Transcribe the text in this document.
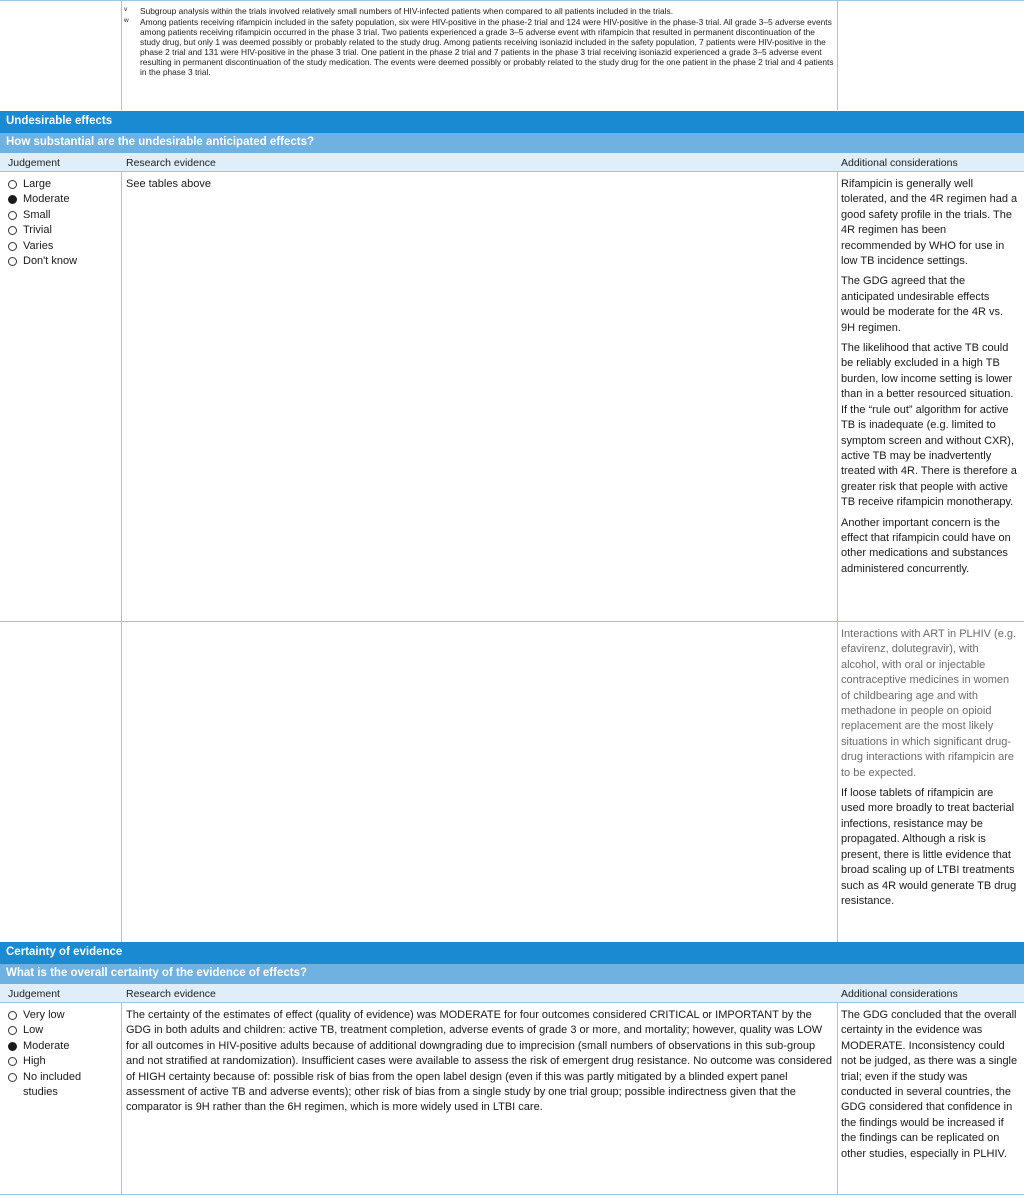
v Subgroup analysis within the trials involved relatively small numbers of HIV-infected patients when compared to all patients included in the trials.
w Among patients receiving rifampicin included in the safety population, six were HIV-positive in the phase-2 trial and 124 were HIV-positive in the phase-3 trial. All grade 3–5 adverse events among patients receiving rifampicin occurred in the phase 3 trial. Two patients experienced a grade 3–5 adverse event with rifampicin that resulted in permanent discontinuation of the study drug, but only 1 was deemed possibly or probably related to the study drug. Among patients receiving isoniazid included in the safety population, 7 patients were HIV-positive in the phase 2 trial and 131 were HIV-positive in the phase 3 trial. One patient in the phase 2 trial and 7 patients in the phase 3 trial receiving isoniazid experienced a grade 3–5 adverse event resulting in permanent discontinuation of the study medication. The events were deemed possibly or probably related to the study drug for the one patient in the phase 2 trial and 4 patients in the phase 3 trial.
Undesirable effects
How substantial are the undesirable anticipated effects?
Judgement	Research evidence	Additional considerations
Large
Moderate
Small
Trivial
Varies
Don't know
See tables above	Rifampicin is generally well tolerated, and the 4R regimen had a good safety profile in the trials. The 4R regimen has been recommended by WHO for use in low TB incidence settings.

The GDG agreed that the anticipated undesirable effects would be moderate for the 4R vs. 9H regimen.

The likelihood that active TB could be reliably excluded in a high TB burden, low income setting is lower than in a better resourced situation. If the “rule out” algorithm for active TB is inadequate (e.g. limited to symptom screen and without CXR), active TB may be inadvertently treated with 4R. There is therefore a greater risk that people with active TB receive rifampicin monotherapy.

Another important concern is the effect that rifampicin could have on other medications and substances administered concurrently.

Interactions with ART in PLHIV (e.g. efavirenz, dolutegravir), with alcohol, with oral or injectable contraceptive medicines in women of childbearing age and with methadone in people on opioid replacement are the most likely situations in which significant drug-drug interactions with rifampicin are to be expected.

If loose tablets of rifampicin are used more broadly to treat bacterial infections, resistance may be propagated. Although a risk is present, there is little evidence that broad scaling up of LTBI treatments such as 4R would generate TB drug resistance.

Certainty of evidence
What is the overall certainty of the evidence of effects?
Judgement	Research evidence	Additional considerations
Very low
Low
Moderate
High
No included studies
The certainty of the estimates of effect (quality of evidence) was MODERATE for four outcomes considered CRITICAL or IMPORTANT by the GDG in both adults and children: active TB, treatment completion, adverse events of grade 3 or more, and mortality; however, quality was LOW for all outcomes in HIV-positive adults because of additional downgrading due to imprecision (small numbers of observations in this sub-group and not stratified at randomization). Insufficient cases were available to assess the risk of emergent drug resistance. No outcome was considered of HIGH certainty because of: possible risk of bias from the open label design (even if this was partly mitigated by a blinded expert panel assessment of active TB and adverse events); other risk of bias from a single study by one trial group; possible indirectness given that the comparator is 9H rather than the 6H regimen, which is more widely used in LTBI care.

The GDG concluded that the overall certainty in the evidence was MODERATE. Inconsistency could not be judged, as there was a single trial; even if the study was conducted in several countries, the GDG considered that confidence in the findings would be increased if the findings can be replicated on other studies, especially in PLHIV.
